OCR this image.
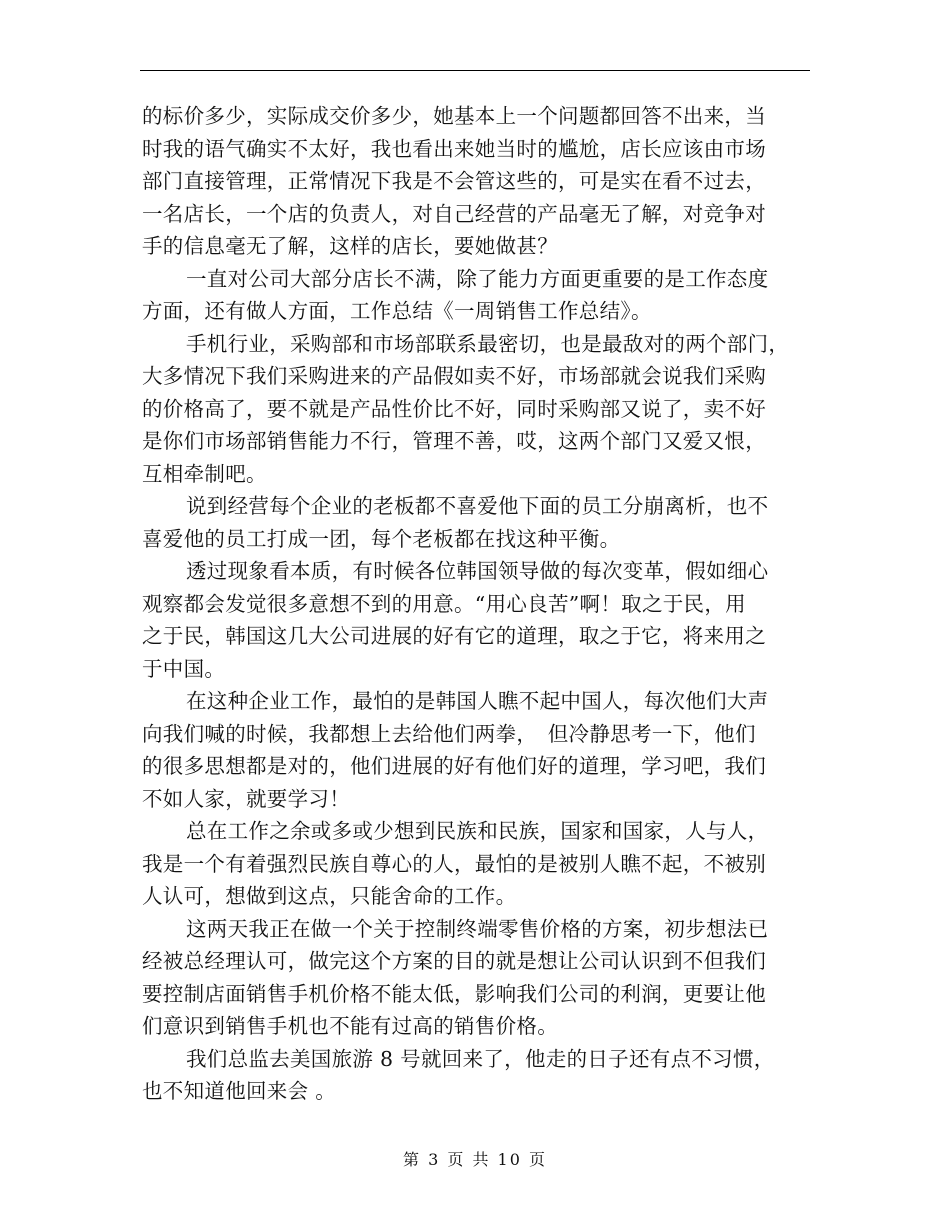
的标价多少，实际成交价多少，她基本上一个问题都回答不出来，当
时我的语气确实不太好，我也看出来她当时的尴尬，店长应该由市场
部门直接管理，正常情况下我是不会管这些的，可是实在看不过去，
一名店长，一个店的负责人，对自己经营的产品毫无了解，对竞争对
手的信息毫无了解，这样的店长，要她做甚？
一直对公司大部分店长不满，除了能力方面更重要的是工作态度
方面，还有做人方面，工作总结《一周销售工作总结》。
手机行业，采购部和市场部联系最密切，也是最敌对的两个部门，
大多情况下我们采购进来的产品假如卖不好，市场部就会说我们采购
的价格高了，要不就是产品性价比不好，同时采购部又说了，卖不好
是你们市场部销售能力不行，管理不善，哎，这两个部门又爱又恨，
互相牵制吧。
说到经营每个企业的老板都不喜爱他下面的员工分崩离析，也不
喜爱他的员工打成一团，每个老板都在找这种平衡。
透过现象看本质，有时候各位韩国领导做的每次变革，假如细心
观察都会发觉很多意想不到的用意。“用心良苦”啊！取之于民，用
之于民，韩国这几大公司进展的好有它的道理，取之于它，将来用之
于中国。
在这种企业工作，最怕的是韩国人瞧不起中国人，每次他们大声
向我们喊的时候，我都想上去给他们两拳，　但冷静思考一下，他们
的很多思想都是对的，他们进展的好有他们好的道理，学习吧，我们
不如人家，就要学习！
总在工作之余或多或少想到民族和民族，国家和国家，人与人，
我是一个有着强烈民族自尊心的人，最怕的是被别人瞧不起，不被别
人认可，想做到这点，只能舍命的工作。
这两天我正在做一个关于控制终端零售价格的方案，初步想法已
经被总经理认可，做完这个方案的目的就是想让公司认识到不但我们
要控制店面销售手机价格不能太低，影响我们公司的利润，更要让他
们意识到销售手机也不能有过高的销售价格。
我们总监去美国旅游 8 号就回来了，他走的日子还有点不习惯，
也不知道他回来会 。
第 3 页 共 10 页
